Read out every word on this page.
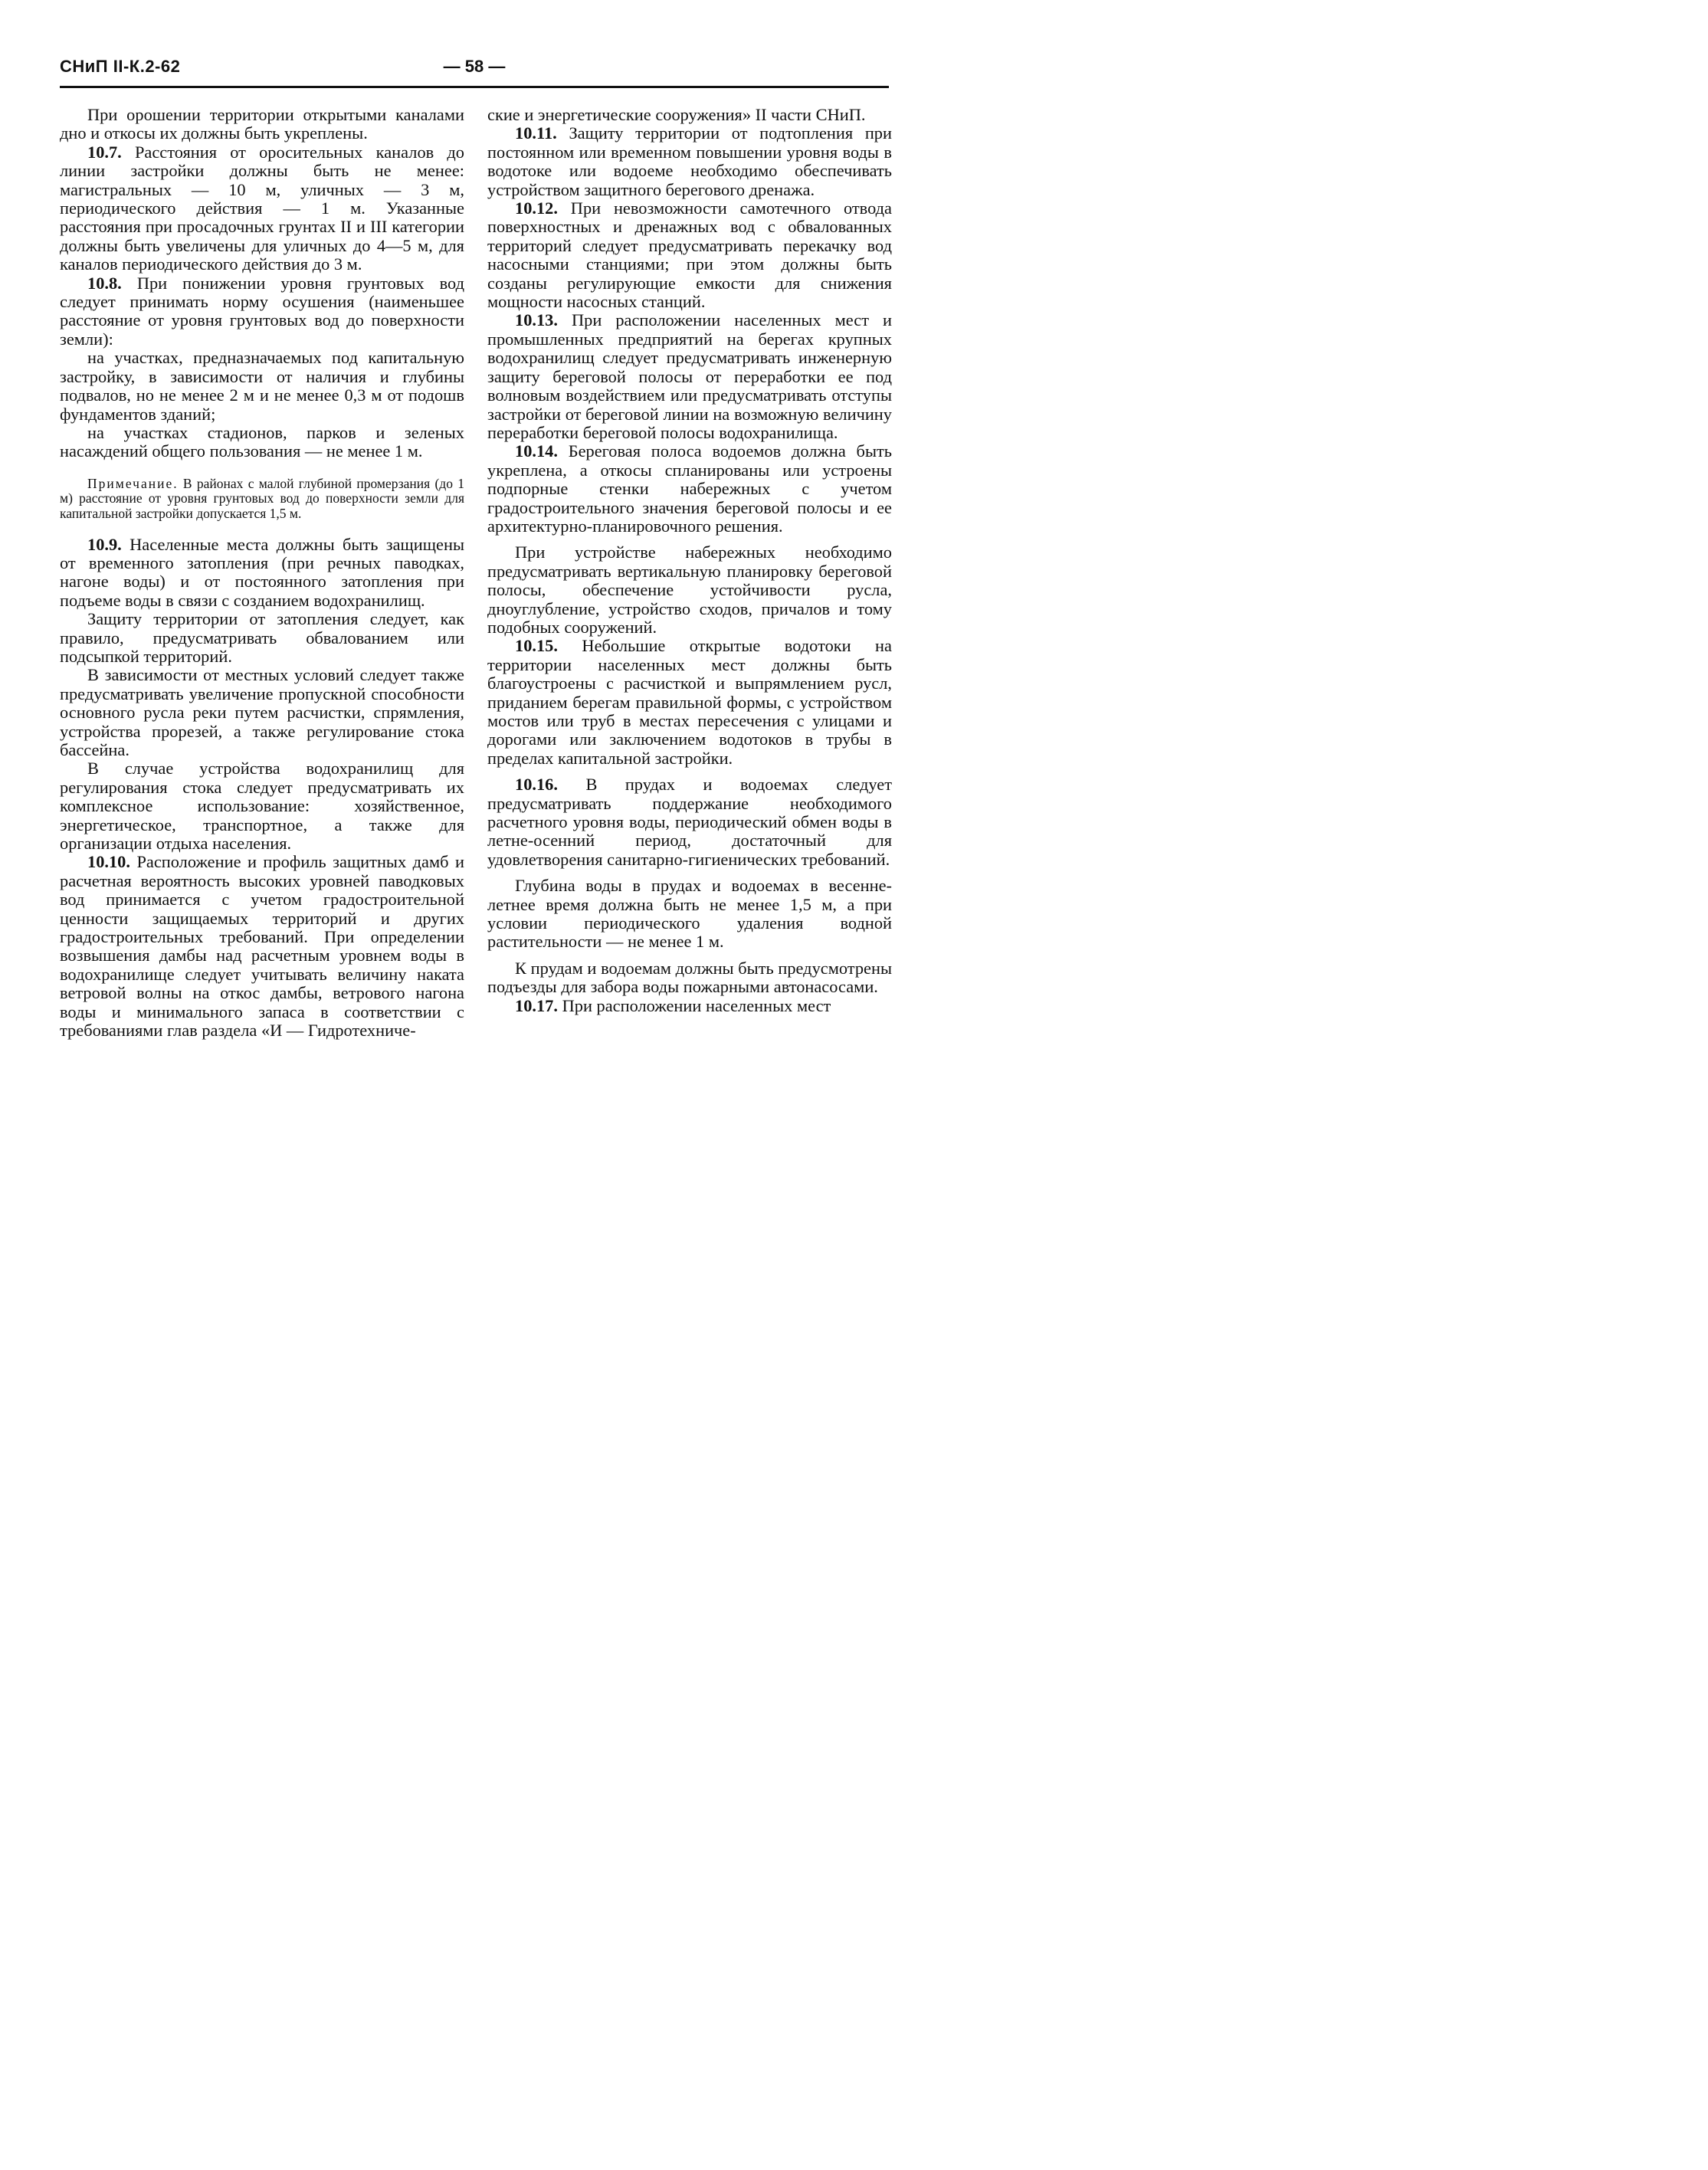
СНиП II-К.2-62	— 58 —

При орошении территории открытыми каналами дно и откосы их должны быть укреплены.

10.7. Расстояния от оросительных каналов до линии застройки должны быть не менее: магистральных — 10 м, уличных — 3 м, периодического действия — 1 м. Указанные расстояния при просадочных грунтах II и III категории должны быть увеличены для уличных до 4—5 м, для каналов периодического действия до 3 м.

10.8. При понижении уровня грунтовых вод следует принимать норму осушения (наименьшее расстояние от уровня грунтовых вод до поверхности земли):

на участках, предназначаемых под капитальную застройку, в зависимости от наличия и глубины подвалов, но не менее 2 м и не менее 0,3 м от подошв фундаментов зданий;

на участках стадионов, парков и зеленых насаждений общего пользования — не менее 1 м.

Примечание. В районах с малой глубиной промерзания (до 1 м) расстояние от уровня грунтовых вод до поверхности земли для капитальной застройки допускается 1,5 м.

10.9. Населенные места должны быть защищены от временного затопления (при речных паводках, нагоне воды) и от постоянного затопления при подъеме воды в связи с созданием водохранилищ.

Защиту территории от затопления следует, как правило, предусматривать обвалованием или подсыпкой территорий.

В зависимости от местных условий следует также предусматривать увеличение пропускной способности основного русла реки путем расчистки, спрямления, устройства прорезей, а также регулирование стока бассейна.

В случае устройства водохранилищ для регулирования стока следует предусматривать их комплексное использование: хозяйственное, энергетическое, транспортное, а также для организации отдыха населения.

10.10. Расположение и профиль защитных дамб и расчетная вероятность высоких уровней паводковых вод принимается с учетом градостроительной ценности защищаемых территорий и других градостроительных требований. При определении возвышения дамбы над расчетным уровнем воды в водохранилище следует учитывать величину наката ветровой волны на откос дамбы, ветрового нагона воды и минимального запаса в соответствии с требованиями глав раздела «И — Гидротехниче-

ские и энергетические сооружения» II части СНиП.

10.11. Защиту территории от подтопления при постоянном или временном повышении уровня воды в водотоке или водоеме необходимо обеспечивать устройством защитного берегового дренажа.

10.12. При невозможности самотечного отвода поверхностных и дренажных вод с обвалованных территорий следует предусматривать перекачку вод насосными станциями; при этом должны быть созданы регулирующие емкости для снижения мощности насосных станций.

10.13. При расположении населенных мест и промышленных предприятий на берегах крупных водохранилищ следует предусматривать инженерную защиту береговой полосы от переработки ее под волновым воздействием или предусматривать отступы застройки от береговой линии на возможную величину переработки береговой полосы водохранилища.

10.14. Береговая полоса водоемов должна быть укреплена, а откосы спланированы или устроены подпорные стенки набережных с учетом градостроительного значения береговой полосы и ее архитектурно-планировочного решения.

При устройстве набережных необходимо предусматривать вертикальную планировку береговой полосы, обеспечение устойчивости русла, дноуглубление, устройство сходов, причалов и тому подобных сооружений.

10.15. Небольшие открытые водотоки на территории населенных мест должны быть благоустроены с расчисткой и выпрямлением русл, приданием берегам правильной формы, с устройством мостов или труб в местах пересечения с улицами и дорогами или заключением водотоков в трубы в пределах капитальной застройки.

10.16. В прудах и водоемах следует предусматривать поддержание необходимого расчетного уровня воды, периодический обмен воды в летне-осенний период, достаточный для удовлетворения санитарно-гигиенических требований.

Глубина воды в прудах и водоемах в весенне-летнее время должна быть не менее 1,5 м, а при условии периодического удаления водной растительности — не менее 1 м.

К прудам и водоемам должны быть предусмотрены подъезды для забора воды пожарными автонасосами.

10.17. При расположении населенных мест
